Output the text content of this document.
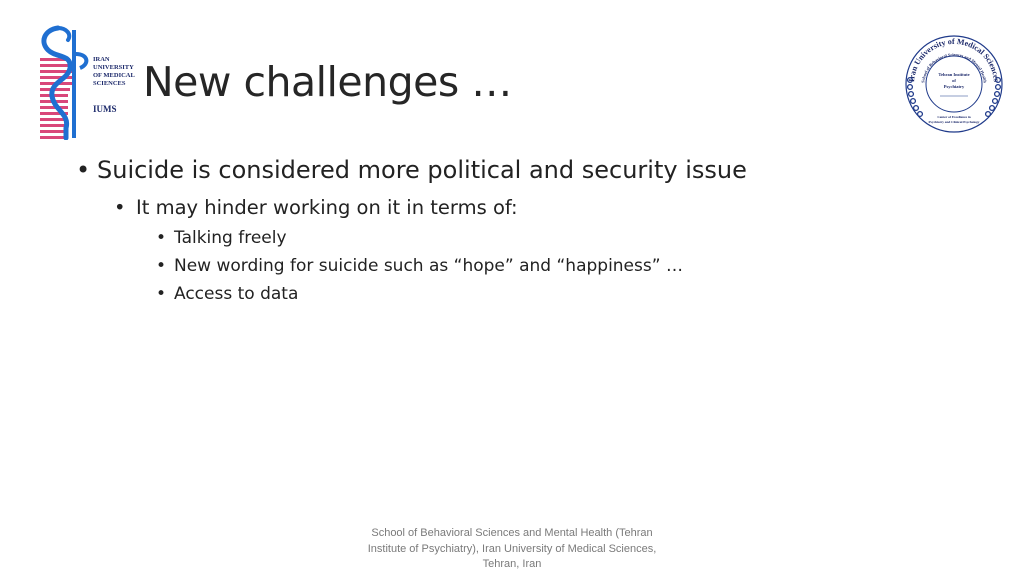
IRAN
UNIVERSITY
OF MEDICAL
SCIENCES
IUMS
New challenges …	Iran University of Medical Sciences
School of Behavioral Sciences and Mental Health
Tehran Institute
of
Psychiatry
Center of Excellence in
Psychiatry and Clinical Psychology
• Suicide is considered more political and security issue
• It may hinder working on it in terms of:
• Talking freely
• New wording for suicide such as “hope” and “happiness” …
• Access to data
School of Behavioral Sciences and Mental Health (Tehran
Institute of Psychiatry), Iran University of Medical Sciences,
Tehran, Iran
